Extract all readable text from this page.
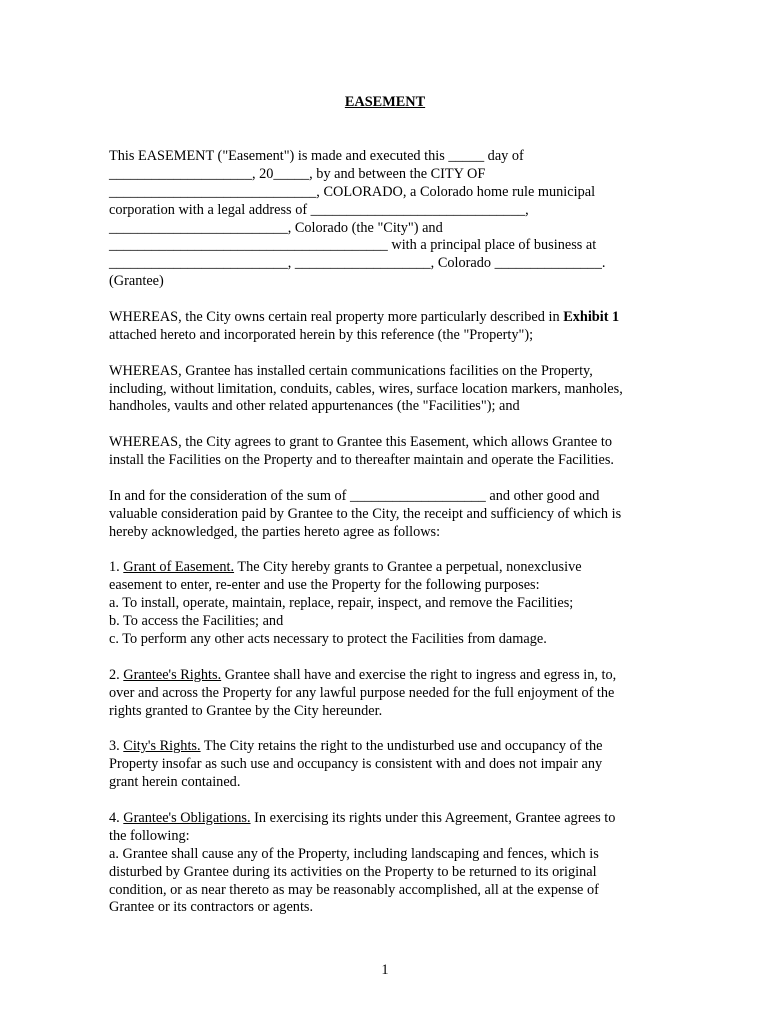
EASEMENT
This EASEMENT ("Easement") is made and executed this _____ day of
____________________, 20_____, by and between the CITY OF
_____________________________, COLORADO, a Colorado home rule municipal
corporation with a legal address of ______________________________,
_________________________, Colorado (the "City") and
_______________________________________ with a principal place of business at
_________________________, ___________________, Colorado _______________.
(Grantee)
WHEREAS, the City owns certain real property more particularly described in Exhibit 1
attached hereto and incorporated herein by this reference (the "Property");
WHEREAS, Grantee has installed certain communications facilities on the Property,
including, without limitation, conduits, cables, wires, surface location markers, manholes,
handholes, vaults and other related appurtenances (the "Facilities"); and
WHEREAS, the City agrees to grant to Grantee this Easement, which allows Grantee to
install the Facilities on the Property and to thereafter maintain and operate the Facilities.
In and for the consideration of the sum of ___________________ and other good and
valuable consideration paid by Grantee to the City, the receipt and sufficiency of which is
hereby acknowledged, the parties hereto agree as follows:
1. Grant of Easement. The City hereby grants to Grantee a perpetual, nonexclusive
easement to enter, re-enter and use the Property for the following purposes:
a. To install, operate, maintain, replace, repair, inspect, and remove the Facilities;
b. To access the Facilities; and
c. To perform any other acts necessary to protect the Facilities from damage.
2. Grantee's Rights. Grantee shall have and exercise the right to ingress and egress in, to,
over and across the Property for any lawful purpose needed for the full enjoyment of the
rights granted to Grantee by the City hereunder.
3. City's Rights. The City retains the right to the undisturbed use and occupancy of the
Property insofar as such use and occupancy is consistent with and does not impair any
grant herein contained.
4. Grantee's Obligations. In exercising its rights under this Agreement, Grantee agrees to
the following:
a. Grantee shall cause any of the Property, including landscaping and fences, which is
disturbed by Grantee during its activities on the Property to be returned to its original
condition, or as near thereto as may be reasonably accomplished, all at the expense of
Grantee or its contractors or agents.
1
